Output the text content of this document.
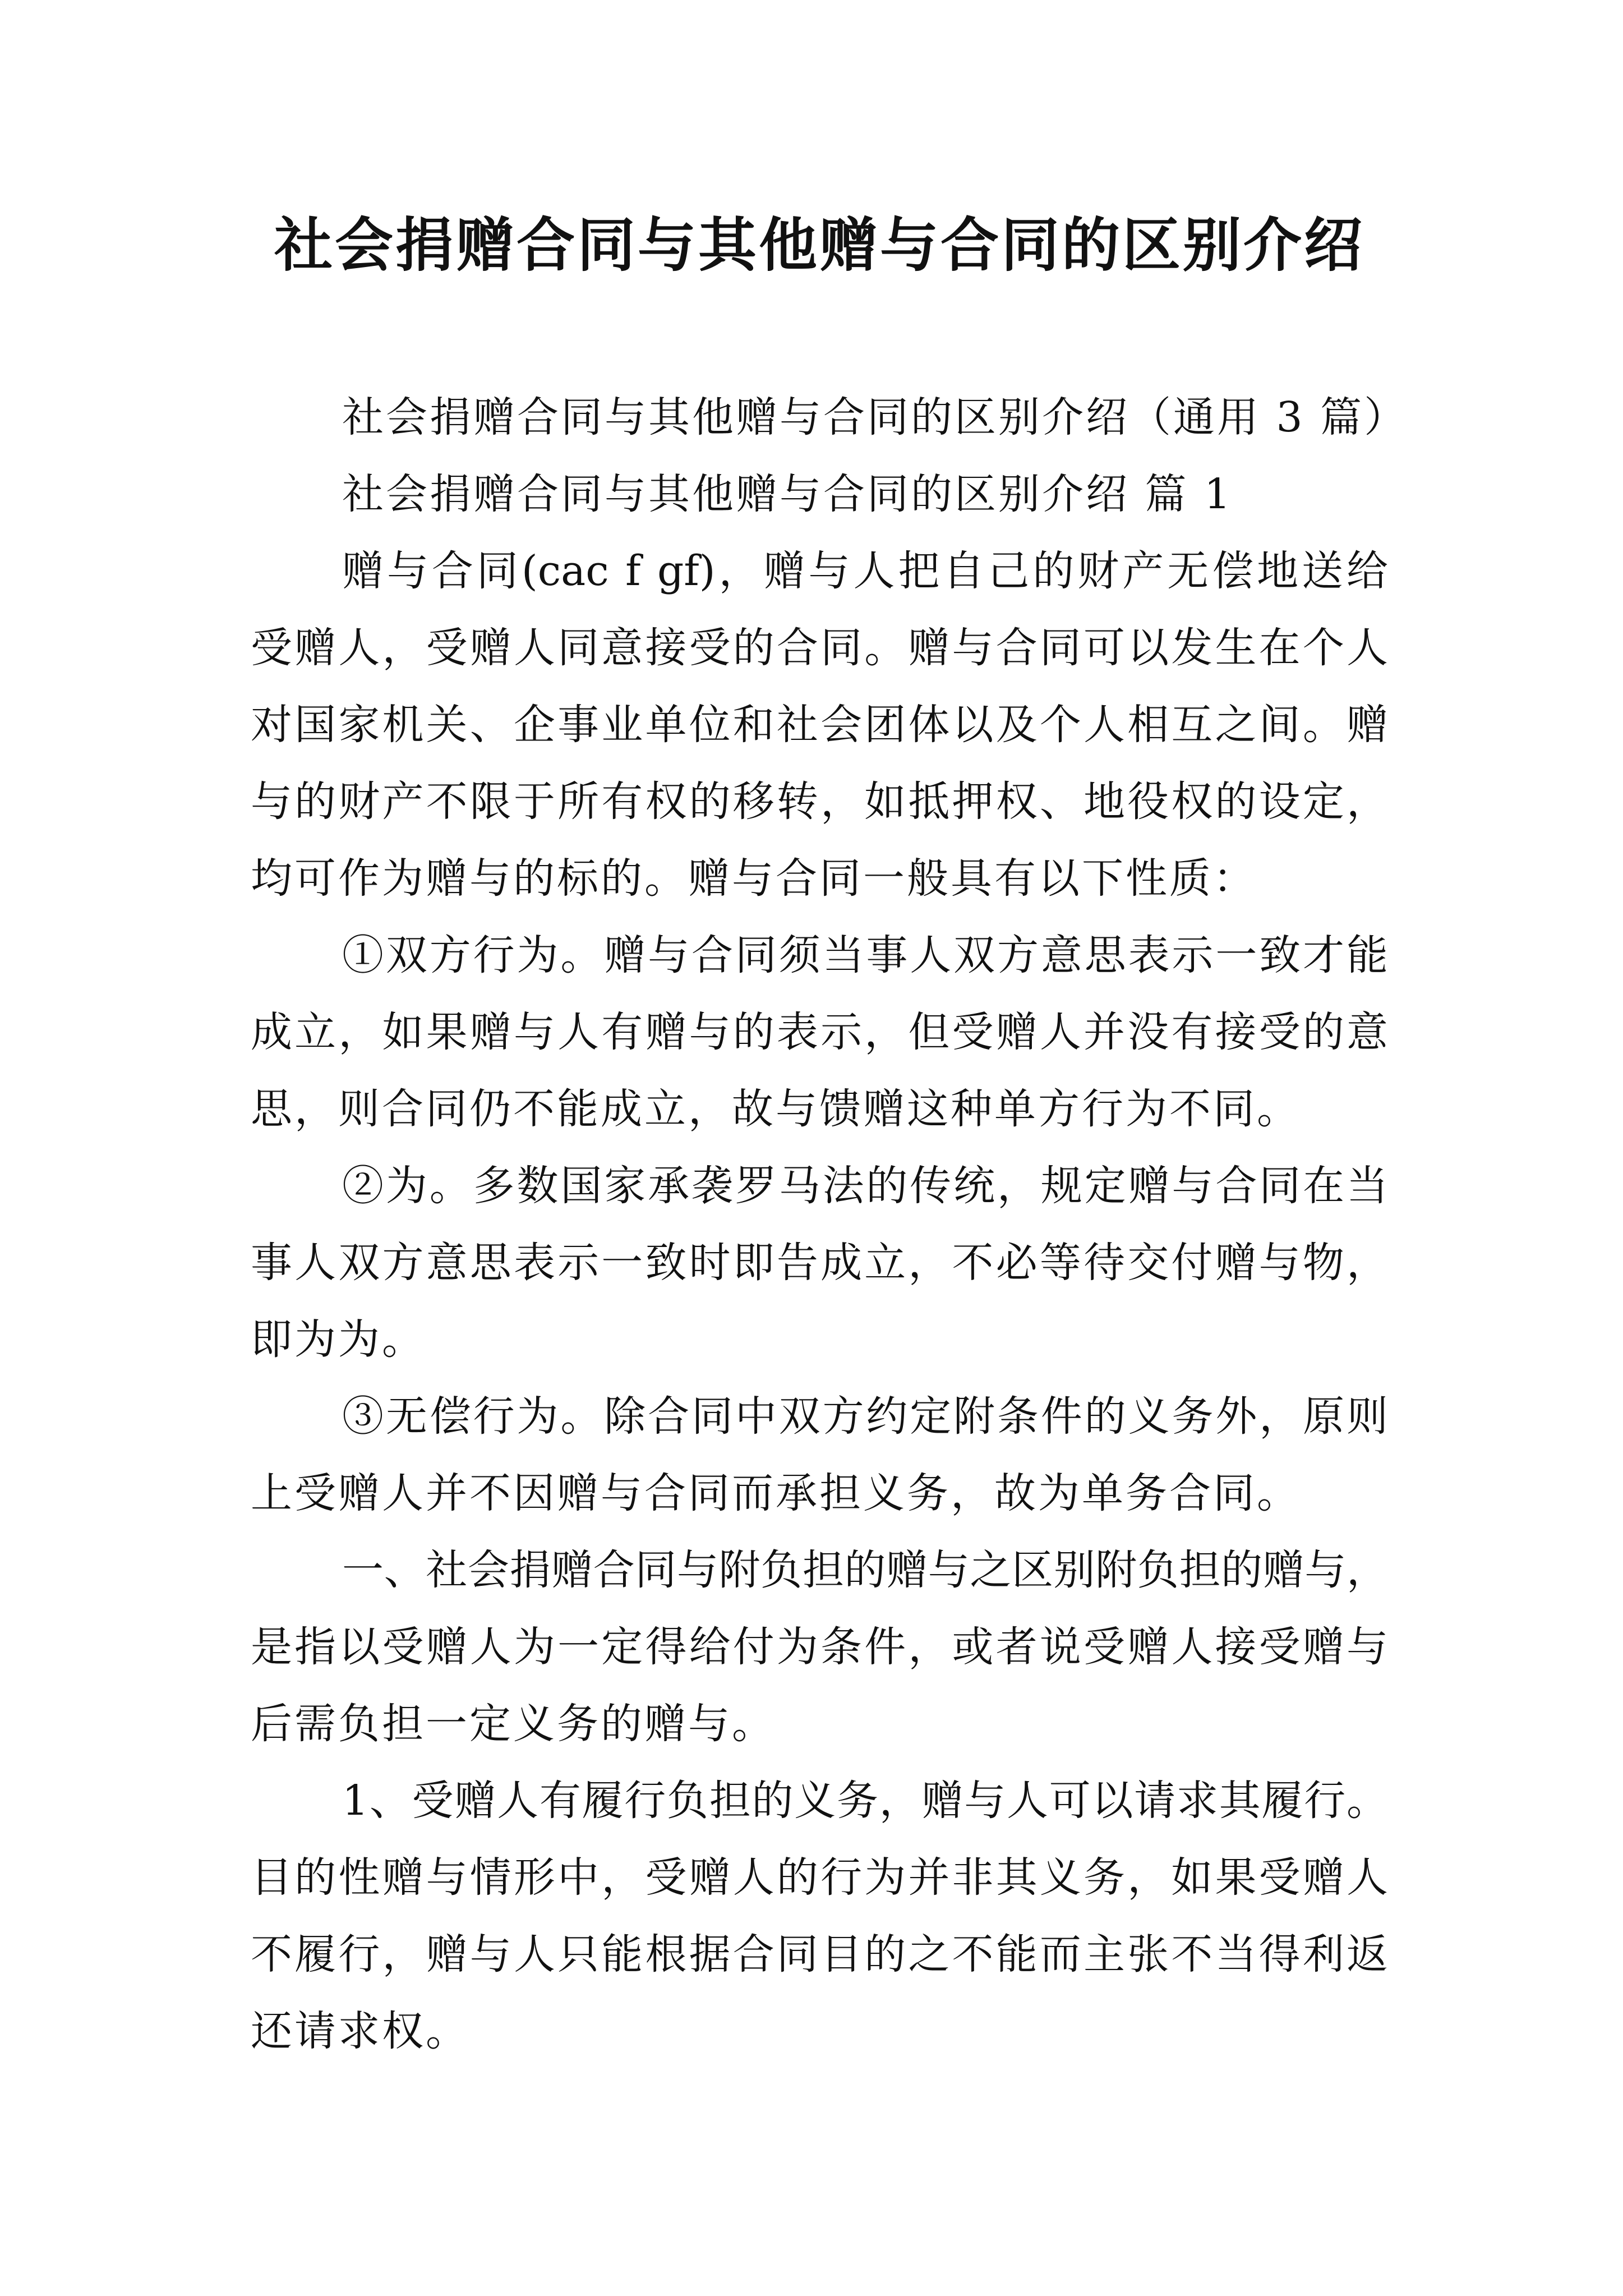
社会捐赠合同与其他赠与合同的区别介绍
社会捐赠合同与其他赠与合同的区别介绍（通用 3 篇）
社会捐赠合同与其他赠与合同的区别介绍 篇 1
赠与合同(cac f gf)，赠与人把自己的财产无偿地送给
受赠人，受赠人同意接受的合同。赠与合同可以发生在个人
对国家机关、企事业单位和社会团体以及个人相互之间。赠
与的财产不限于所有权的移转，如抵押权、地役权的设定，
均可作为赠与的标的。赠与合同一般具有以下性质：
①双方行为。赠与合同须当事人双方意思表示一致才能
成立，如果赠与人有赠与的表示，但受赠人并没有接受的意
思，则合同仍不能成立，故与馈赠这种单方行为不同。
②为。多数国家承袭罗马法的传统，规定赠与合同在当
事人双方意思表示一致时即告成立，不必等待交付赠与物，
即为为。
③无偿行为。除合同中双方约定附条件的义务外，原则
上受赠人并不因赠与合同而承担义务，故为单务合同。
一、社会捐赠合同与附负担的赠与之区别附负担的赠与，
是指以受赠人为一定得给付为条件，或者说受赠人接受赠与
后需负担一定义务的赠与。
1、受赠人有履行负担的义务，赠与人可以请求其履行。
目的性赠与情形中，受赠人的行为并非其义务，如果受赠人
不履行，赠与人只能根据合同目的之不能而主张不当得利返
还请求权。
